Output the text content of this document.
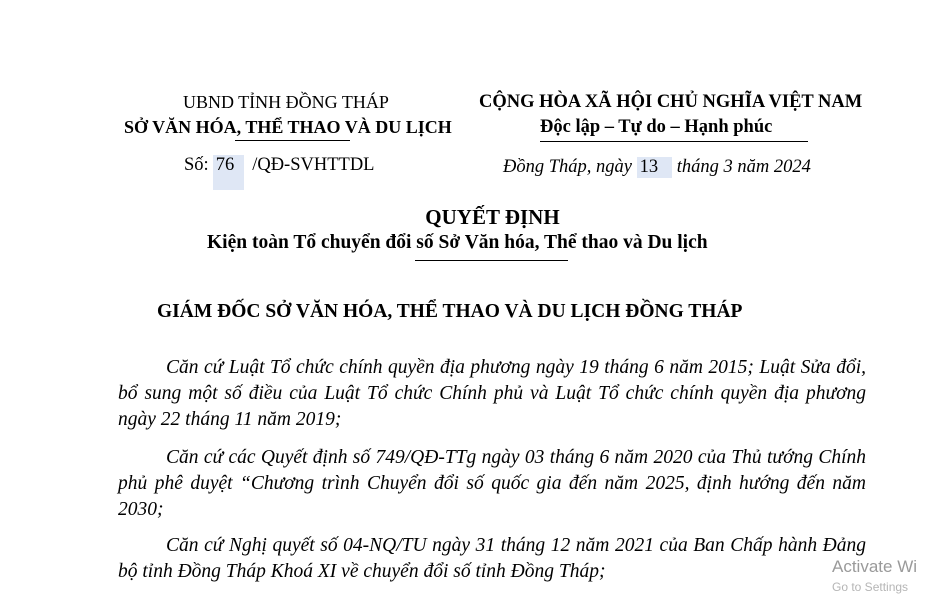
UBND TỈNH ĐỒNG THÁP
SỞ VĂN HÓA, THỂ THAO VÀ DU LỊCH
CỘNG HÒA XÃ HỘI CHỦ NGHĨA VIỆT NAM
Độc lập – Tự do – Hạnh phúc
Số: 76 /QĐ-SVHTTDL	Đồng Tháp, ngày 13 tháng 3 năm 2024
QUYẾT ĐỊNH
Kiện toàn Tổ chuyển đổi số Sở Văn hóa, Thể thao và Du lịch
GIÁM ĐỐC SỞ VĂN HÓA, THỂ THAO VÀ DU LỊCH ĐỒNG THÁP

Căn cứ Luật Tổ chức chính quyền địa phương ngày 19 tháng 6 năm 2015; Luật Sửa đổi, bổ sung một số điều của Luật Tổ chức Chính phủ và Luật Tổ chức chính quyền địa phương ngày 22 tháng 11 năm 2019;

Căn cứ các Quyết định số 749/QĐ-TTg ngày 03 tháng 6 năm 2020 của Thủ tướng Chính phủ phê duyệt “Chương trình Chuyển đổi số quốc gia đến năm 2025, định hướng đến năm 2030;

Căn cứ Nghị quyết số 04-NQ/TU ngày 31 tháng 12 năm 2021 của Ban Chấp hành Đảng bộ tỉnh Đồng Tháp Khoá XI về chuyển đổi số tỉnh Đồng Tháp;	Activate Wi
Go to Settings
